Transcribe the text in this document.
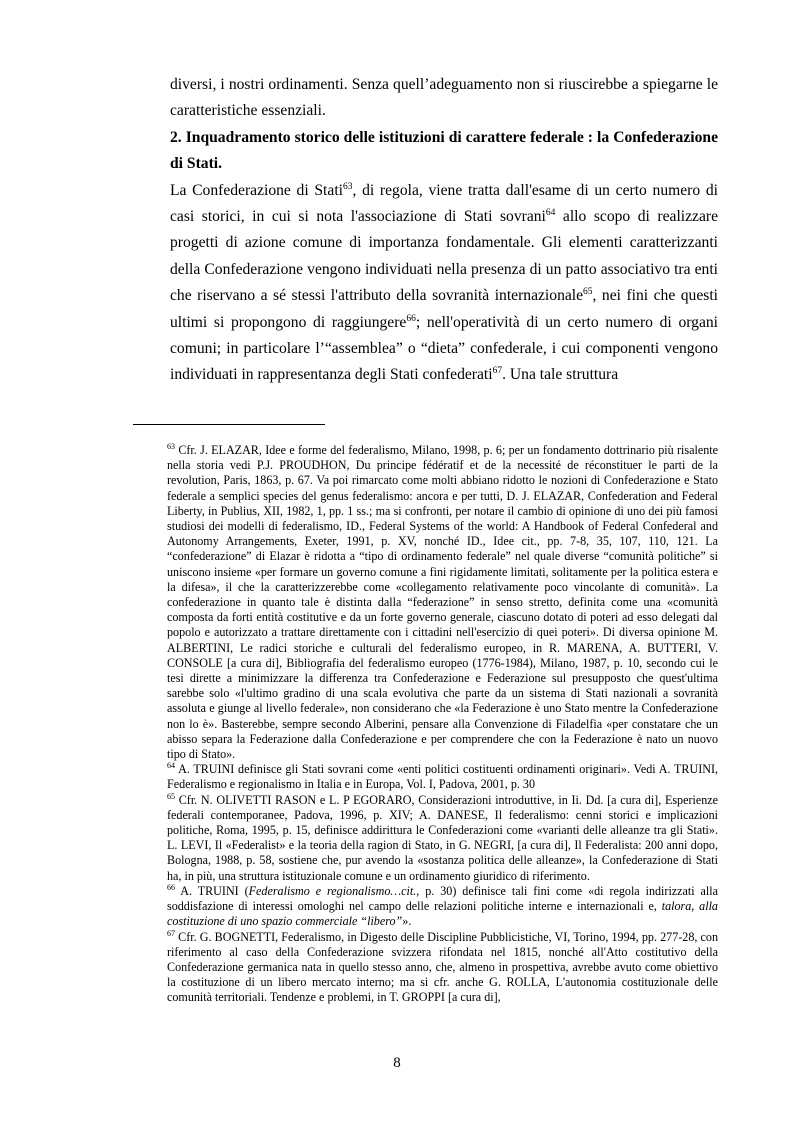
diversi, i nostri ordinamenti. Senza quell’adeguamento non si riuscirebbe a spiegarne le caratteristiche essenziali.

2. Inquadramento storico delle istituzioni di carattere federale : la Confederazione di Stati.

La Confederazione di Stati$^{63}$, di regola, viene tratta dall'esame di un certo numero di casi storici, in cui si nota l'associazione di Stati sovrani$^{64}$ allo scopo di realizzare progetti di azione comune di importanza fondamentale. Gli elementi caratterizzanti della Confederazione vengono individuati nella presenza di un patto associativo tra enti che riservano a sé stessi l'attributo della sovranità internazionale$^{65}$, nei fini che questi ultimi si propongono di raggiungere$^{66}$; nell'operatività di un certo numero di organi comuni; in particolare l’“assemblea” o “dieta” confederale, i cui componenti vengono individuati in rappresentanza degli Stati confederati$^{67}$. Una tale struttura

$^{63}$ Cfr. J. ELAZAR, Idee e forme del federalismo, Milano, 1998, p. 6; per un fondamento dottrinario più risalente nella storia vedi P.J. PROUDHON, Du principe fédératif et de la necessité de réconstituer le parti de la revolution, Paris, 1863, p. 67. Va poi rimarcato come molti abbiano ridotto le nozioni di Confederazione e Stato federale a semplici species del genus federalismo: ancora e per tutti, D. J. ELAZAR, Confederation and Federal Liberty, in Publius, XII, 1982, 1, pp. 1 ss.; ma si confronti, per notare il cambio di opinione di uno dei più famosi studiosi dei modelli di federalismo, ID., Federal Systems of the world: A Handbook of Federal Confederal and Autonomy Arrangements, Exeter, 1991, p. XV, nonché ID., Idee cit., pp. 7-8, 35, 107, 110, 121. La “confederazione” di Elazar è ridotta a “tipo di ordinamento federale” nel quale diverse “comunità politiche” si uniscono insieme «per formare un governo comune a fini rigidamente limitati, solitamente per la politica estera e la difesa», il che la caratterizzerebbe come «collegamento relativamente poco vincolante di comunità». La confederazione in quanto tale è distinta dalla “federazione” in senso stretto, definita come una «comunità composta da forti entità costitutive e da un forte governo generale, ciascuno dotato di poteri ad esso delegati dal popolo e autorizzato a trattare direttamente con i cittadini nell'esercizio di quei poteri». Di diversa opinione M. ALBERTINI, Le radici storiche e culturali del federalismo europeo, in R. MARENA, A. BUTTERI, V. CONSOLE [a cura di], Bibliografia del federalismo europeo (1776-1984), Milano, 1987, p. 10, secondo cui le tesi dirette a minimizzare la differenza tra Confederazione e Federazione sul presupposto che quest'ultima sarebbe solo «l'ultimo gradino di una scala evolutiva che parte da un sistema di Stati nazionali a sovranità assoluta e giunge al livello federale», non considerano che «la Federazione è uno Stato mentre la Confederazione non lo è». Basterebbe, sempre secondo Alberini, pensare alla Convenzione di Filadelfia «per constatare che un abisso separa la Federazione dalla Confederazione e per comprendere che con la Federazione è nato un nuovo tipo di Stato».

$^{64}$ A. TRUINI definisce gli Stati sovrani come «enti politici costituenti ordinamenti originari». Vedi A. TRUINI, Federalismo e regionalismo in Italia e in Europa, Vol. I, Padova, 2001, p. 30

$^{65}$ Cfr. N. OLIVETTI RASON e L. P EGORARO, Considerazioni introduttive, in Ii. Dd. [a cura di], Esperienze federali contemporanee, Padova, 1996, p. XIV; A. DANESE, Il federalismo: cenni storici e implicazioni politiche, Roma, 1995, p. 15, definisce addirittura le Confederazioni come «varianti delle alleanze tra gli Stati». L. LEVI, Il «Federalist» e la teoria della ragion di Stato, in G. NEGRI, [a cura di], Il Federalista: 200 anni dopo, Bologna, 1988, p. 58, sostiene che, pur avendo la «sostanza politica delle alleanze», la Confederazione di Stati ha, in più, una struttura istituzionale comune e un ordinamento giuridico di riferimento.

$^{66}$ A. TRUINI (Federalismo e regionalismo…cit., p. 30) definisce tali fini come «di regola indirizzati alla soddisfazione di interessi omologhi nel campo delle relazioni politiche interne e internazionali e, talora, alla costituzione di uno spazio commerciale “libero”».

$^{67}$ Cfr. G. BOGNETTI, Federalismo, in Digesto delle Discipline Pubblicistiche, VI, Torino, 1994, pp. 277-28, con riferimento al caso della Confederazione svizzera rifondata nel 1815, nonché all'Atto costitutivo della Confederazione germanica nata in quello stesso anno, che, almeno in prospettiva, avrebbe avuto come obiettivo la costituzione di un libero mercato interno; ma si cfr. anche G. ROLLA, L'autonomia costituzionale delle comunità territoriali. Tendenze e problemi, in T. GROPPI [a cura di],

8
